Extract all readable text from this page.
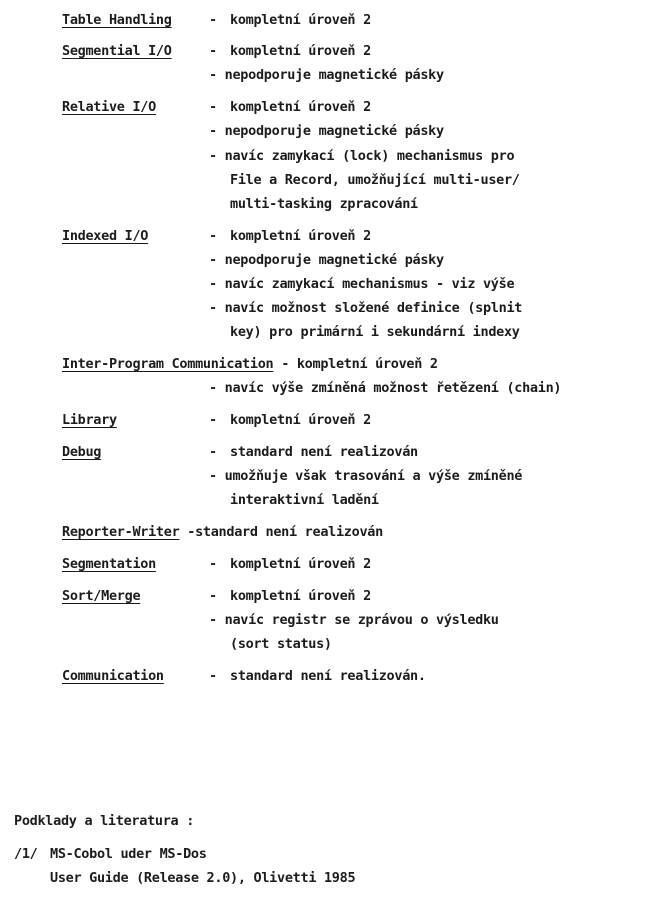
Table Handling	- kompletní úroveň 2
Segmential I/O	- kompletní úroveň 2
- nepodporuje magnetické pásky
Relative I/O	- kompletní úroveň 2
- nepodporuje magnetické pásky
- navíc zamykací (lock) mechanismus pro
File a Record, umožňující multi-user/
multi-tasking zpracování
Indexed I/O	- kompletní úroveň 2
- nepodporuje magnetické pásky
- navíc zamykací mechanismus - viz výše
- navíc možnost složené definice (splnit
key) pro primární i sekundární indexy
Inter-Program Communication - kompletní úroveň 2
- navíc výše zmíněná možnost řetězení (chain)
Library	- kompletní úroveň 2
Debug	- standard není realizován
- umožňuje však trasování a výše zmíněné
interaktivní ladění
Reporter-Writer -standard není realizován
Segmentation	- kompletní úroveň 2
Sort/Merge	- kompletní úroveň 2
- navíc registr se zprávou o výsledku
(sort status)
Communication	- standard není realizován.
Podklady a literatura :
/1/ MS-Cobol uder MS-Dos
User Guide (Release 2.0), Olivetti 1985
